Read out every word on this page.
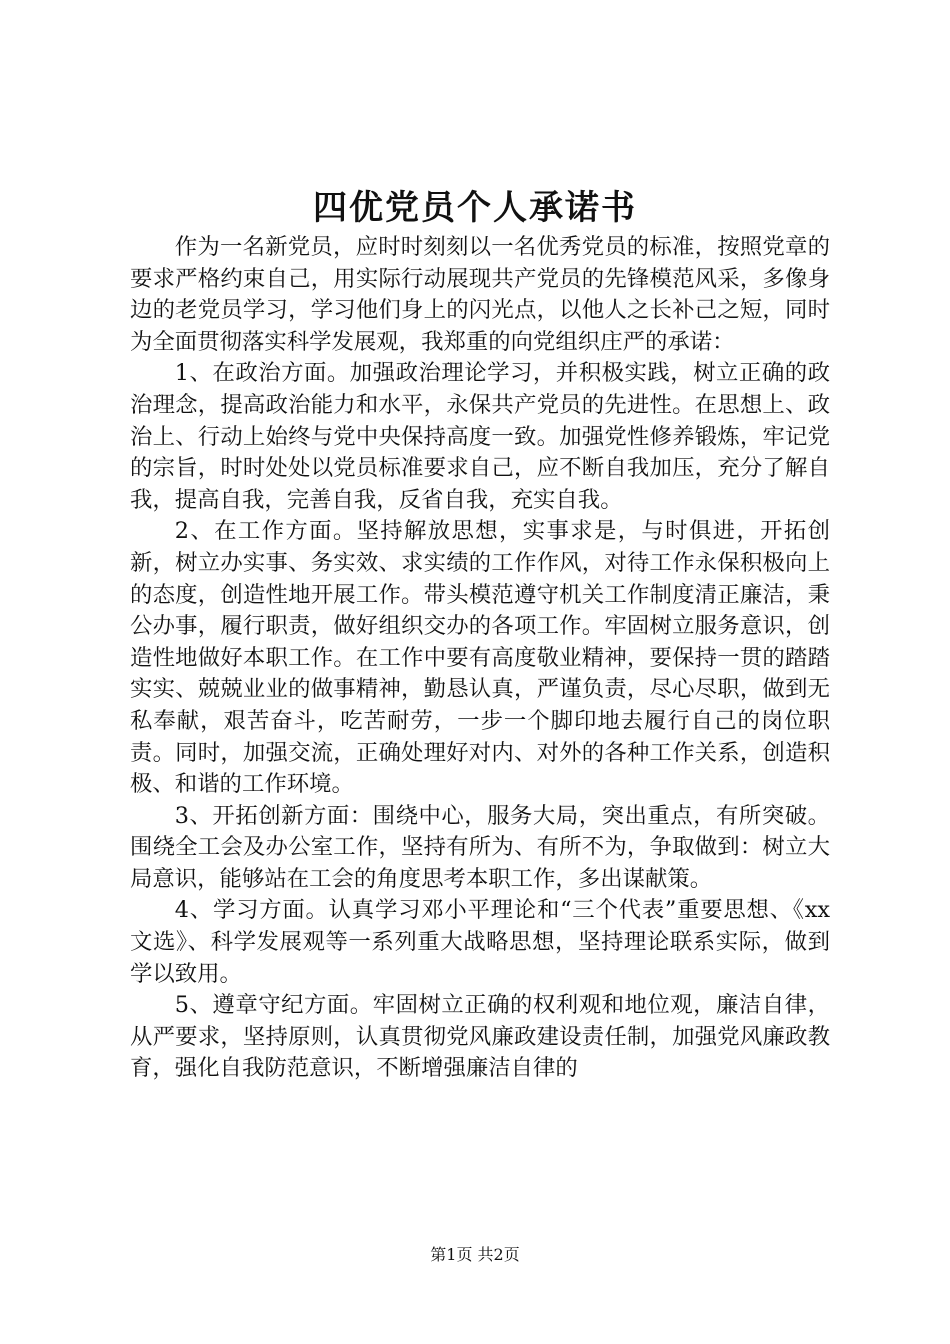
四优党员个人承诺书

作为一名新党员，应时时刻刻以一名优秀党员的标准，按照党章的要求严格约束自己，用实际行动展现共产党员的先锋模范风采，多像身边的老党员学习，学习他们身上的闪光点，以他人之长补己之短，同时为全面贯彻落实科学发展观，我郑重的向党组织庄严的承诺：

1、在政治方面。加强政治理论学习，并积极实践，树立正确的政治理念，提高政治能力和水平，永保共产党员的先进性。在思想上、政治上、行动上始终与党中央保持高度一致。加强党性修养锻炼，牢记党的宗旨，时时处处以党员标准要求自己，应不断自我加压，充分了解自我，提高自我，完善自我，反省自我，充实自我。

2、在工作方面。坚持解放思想，实事求是，与时俱进，开拓创新，树立办实事、务实效、求实绩的工作作风，对待工作永保积极向上的态度，创造性地开展工作。带头模范遵守机关工作制度清正廉洁，秉公办事，履行职责，做好组织交办的各项工作。牢固树立服务意识，创造性地做好本职工作。在工作中要有高度敬业精神，要保持一贯的踏踏实实、兢兢业业的做事精神，勤恳认真，严谨负责，尽心尽职，做到无私奉献，艰苦奋斗，吃苦耐劳，一步一个脚印地去履行自己的岗位职责。同时，加强交流，正确处理好对内、对外的各种工作关系，创造积极、和谐的工作环境。

3、开拓创新方面：围绕中心，服务大局，突出重点，有所突破。围绕全工会及办公室工作，坚持有所为、有所不为，争取做到：树立大局意识，能够站在工会的角度思考本职工作，多出谋献策。

4、学习方面。认真学习邓小平理论和“三个代表”重要思想、《xx文选》、科学发展观等一系列重大战略思想，坚持理论联系实际，做到学以致用。

5、遵章守纪方面。牢固树立正确的权利观和地位观，廉洁自律，从严要求，坚持原则，认真贯彻党风廉政建设责任制，加强党风廉政教育，强化自我防范意识，不断增强廉洁自律的

第1页 共2页
